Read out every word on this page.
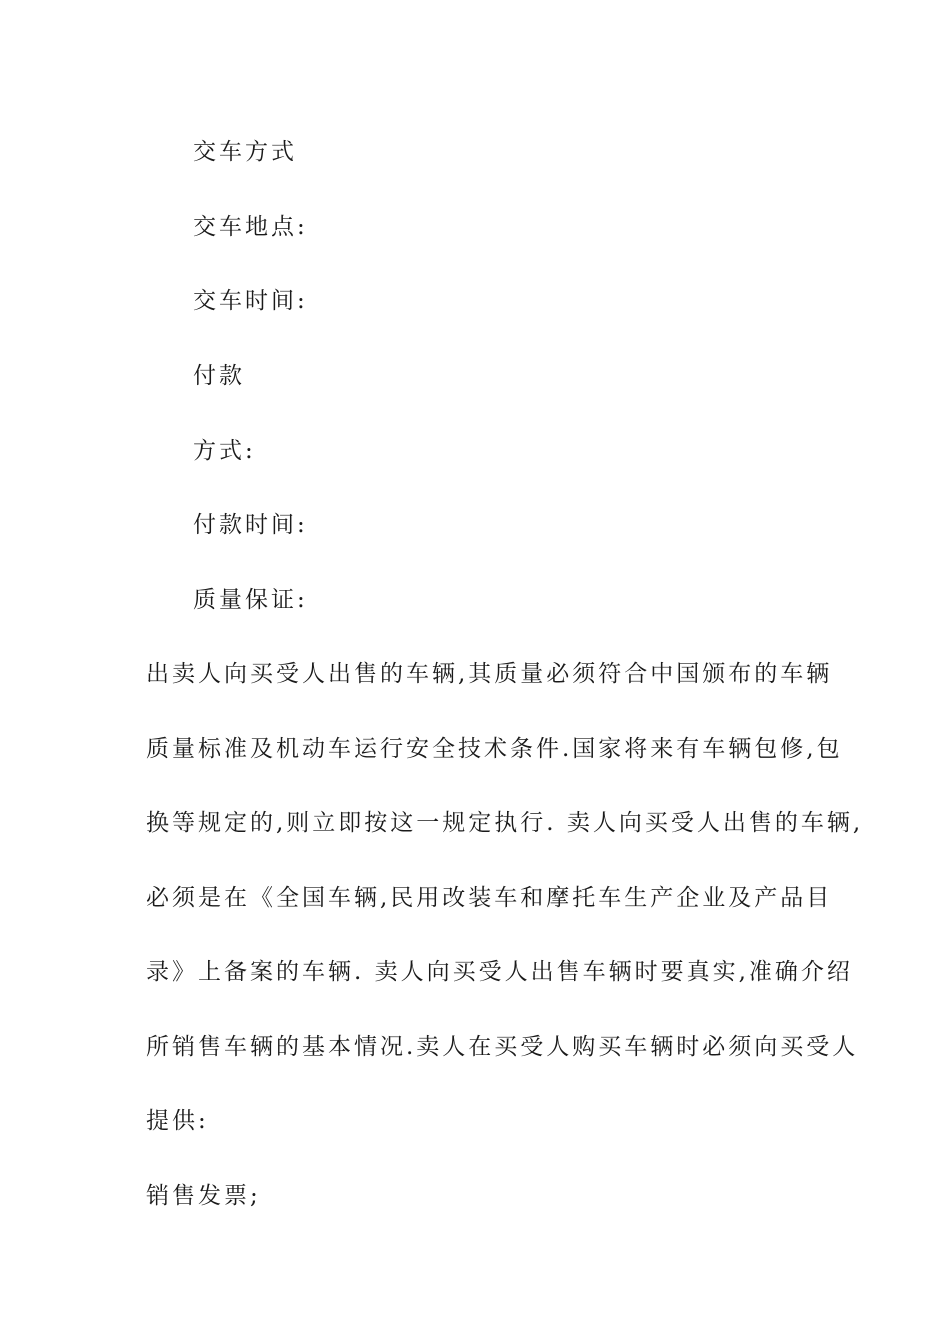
交车方式
交车地点:
交车时间:
付款
方式:
付款时间:
质量保证:
出卖人向买受人出售的车辆,其质量必须符合中国颁布的车辆
质量标准及机动车运行安全技术条件.国家将来有车辆包修,包
换等规定的,则立即按这一规定执行. 卖人向买受人出售的车辆,
必须是在《全国车辆,民用改装车和摩托车生产企业及产品目
录》上备案的车辆. 卖人向买受人出售车辆时要真实,准确介绍
所销售车辆的基本情况.卖人在买受人购买车辆时必须向买受人
提供:
销售发票;
